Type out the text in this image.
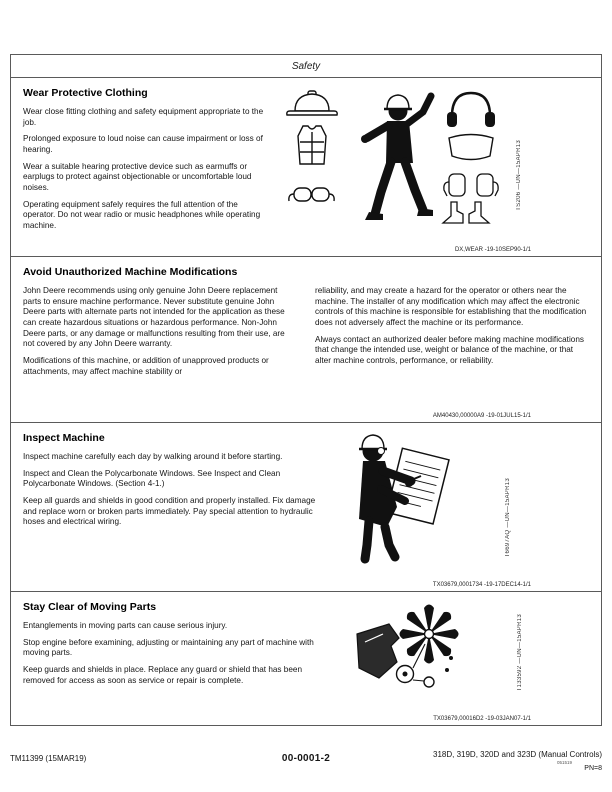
Safety
Wear Protective Clothing

Wear close fitting clothing and safety equipment appropriate to the job.

Prolonged exposure to loud noise can cause impairment or loss of hearing.

Wear a suitable hearing protective device such as earmuffs or earplugs to protect against objectionable or uncomfortable loud noises.

Operating equipment safely requires the full attention of the operator. Do not wear radio or music headphones while operating machine.

TS206 —UN—15APR13
DX,WEAR -19-10SEP90-1/1
Avoid Unauthorized Machine Modifications

John Deere recommends using only genuine John Deere replacement parts to ensure machine performance. Never substitute genuine John Deere parts with alternate parts not intended for the application as these can create hazardous situations or hazardous performance. Non-John Deere parts, or any damage or malfunctions resulting from their use, are not covered by any John Deere warranty.

Modifications of this machine, or addition of unapproved products or attachments, may affect machine stability or

reliability, and may create a hazard for the operator or others near the machine. The installer of any modification which may affect the electronic controls of this machine is responsible for establishing that the modification does not adversely affect the machine or its performance.

Always contact an authorized dealer before making machine modifications that change the intended use, weight or balance of the machine, or that alter machine controls, performance, or reliability.

AM40430,00000A9 -19-01JUL15-1/1
Inspect Machine

Inspect machine carefully each day by walking around it before starting.

Inspect and Clean the Polycarbonate Windows. See Inspect and Clean Polycarbonate Windows. (Section 4-1.)

Keep all guards and shields in good condition and properly installed. Fix damage and replace worn or broken parts immediately. Pay special attention to hydraulic hoses and electrical wiring.	T6697AQ —UN—15APR13
TX03679,0001734 -19-17DEC14-1/1
Stay Clear of Moving Parts

Entanglements in moving parts can cause serious injury.

Stop engine before examining, adjusting or maintaining any part of machine with moving parts.

Keep guards and shields in place. Replace any guard or shield that has been removed for access as soon as service or repair is complete.	T133592 —UN—15APR13
TX03679,00016D2 -19-03JAN07-1/1
TM11399 (15MAR19)	00-0001-2	318D, 319D, 320D and 323D (Manual Controls)
051519
PN=8
